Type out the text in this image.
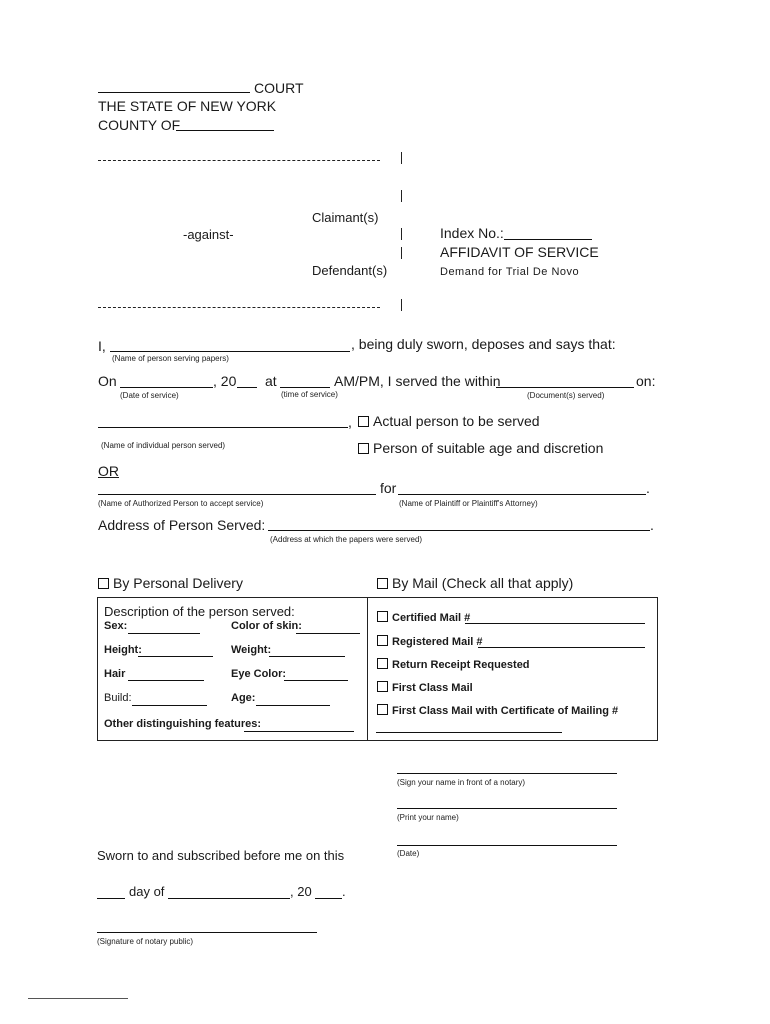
COURT
THE STATE OF NEW YORK
COUNTY OF
Claimant(s)
-against-	Index No.:
AFFIDAVIT OF SERVICE
Defendant(s)	Demand for Trial De Novo
I,	, being duly sworn, deposes and says that:
(Name of person serving papers)
On	, 20 at	AM/PM, I served the within	on:
(Date of service)	(time of service)	(Document(s) served)
,	Actual person to be served
(Name of individual person served)	Person of suitable age and discretion
OR
for	.
(Name of Authorized Person to accept service)	(Name of Plaintiff or Plaintiff's Attorney)
Address of Person Served:	.
(Address at which the papers were served)
By Personal Delivery	By Mail (Check all that apply)
Description of the person served:
Sex:	Color of skin:
Height:	Weight:
Hair	Eye Color:
Build:	Age:
Other distinguishing features:
Certified Mail #
Registered Mail #
Return Receipt Requested
First Class Mail
First Class Mail with Certificate of Mailing #
(Sign your name in front of a notary)
(Print your name)
(Date)
Sworn to and subscribed before me on this
day of	, 20 .
(Signature of notary public)
